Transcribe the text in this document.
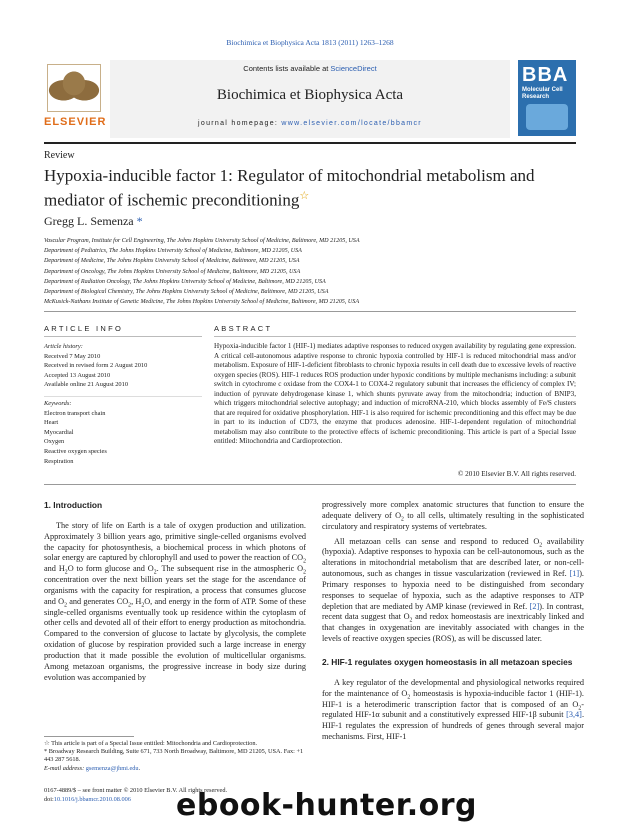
Biochimica et Biophysica Acta 1813 (2011) 1263–1268
ELSEVIER
Contents lists available at ScienceDirect
Biochimica et Biophysica Acta
journal homepage: www.elsevier.com/locate/bbamcr
BBA
Molecular Cell
Research
Review
Hypoxia-inducible factor 1: Regulator of mitochondrial metabolism and mediator of ischemic preconditioning☆
Gregg L. Semenza *
Vascular Program, Institute for Cell Engineering, The Johns Hopkins University School of Medicine, Baltimore, MD 21205, USA
Department of Pediatrics, The Johns Hopkins University School of Medicine, Baltimore, MD 21205, USA
Department of Medicine, The Johns Hopkins University School of Medicine, Baltimore, MD 21205, USA
Department of Oncology, The Johns Hopkins University School of Medicine, Baltimore, MD 21205, USA
Department of Radiation Oncology, The Johns Hopkins University School of Medicine, Baltimore, MD 21205, USA
Department of Biological Chemistry, The Johns Hopkins University School of Medicine, Baltimore, MD 21205, USA
McKusick-Nathans Institute of Genetic Medicine, The Johns Hopkins University School of Medicine, Baltimore, MD 21205, USA
ARTICLE INFO	ABSTRACT
Article history:
Received 7 May 2010
Received in revised form 2 August 2010
Accepted 13 August 2010
Available online 21 August 2010
Keywords:
Electron transport chain
Heart
Myocardial
Oxygen
Reactive oxygen species
Respiration
Hypoxia-inducible factor 1 (HIF-1) mediates adaptive responses to reduced oxygen availability by regulating gene expression. A critical cell-autonomous adaptive response to chronic hypoxia controlled by HIF-1 is reduced mitochondrial mass and/or metabolism. Exposure of HIF-1-deficient fibroblasts to chronic hypoxia results in cell death due to excessive levels of reactive oxygen species (ROS). HIF-1 reduces ROS production under hypoxic conditions by multiple mechanisms including: a subunit switch in cytochrome c oxidase from the COX4-1 to COX4-2 regulatory subunit that increases the efficiency of complex IV; induction of pyruvate dehydrogenase kinase 1, which shunts pyruvate away from the mitochondria; induction of BNIP3, which triggers mitochondrial selective autophagy; and induction of microRNA-210, which blocks assembly of Fe/S clusters that are required for oxidative phosphorylation. HIF-1 is also required for ischemic preconditioning and this effect may be due in part to its induction of CD73, the enzyme that produces adenosine. HIF-1-dependent regulation of mitochondrial metabolism may also contribute to the protective effects of ischemic preconditioning. This article is part of a Special Issue entitled: Mitochondria and Cardioprotection.
© 2010 Elsevier B.V. All rights reserved.
1. Introduction

The story of life on Earth is a tale of oxygen production and utilization. Approximately 3 billion years ago, primitive single-celled organisms evolved the capacity for photosynthesis, a biochemical process in which photons of solar energy are captured by chlorophyll and used to power the reaction of $CO_2$ and $H_2O$ to form glucose and $O_2$. The subsequent rise in the atmospheric $O_2$ concentration over the next billion years set the stage for the ascendance of organisms with the capacity for respiration, a process that consumes glucose and $O_2$ and generates $CO_2$, $H_2O$, and energy in the form of ATP. Some of these single-celled organisms eventually took up residence within the cytoplasm of other cells and devoted all of their effort to energy production as mitochondria. Compared to the conversion of glucose to lactate by glycolysis, the complete oxidation of glucose by respiration provided such a large increase in energy production that it made possible the evolution of multicellular organisms. Among metazoan organisms, the progressive increase in body size during evolution was accompanied by

progressively more complex anatomic structures that function to ensure the adequate delivery of $O_2$ to all cells, ultimately resulting in the sophisticated circulatory and respiratory systems of vertebrates.

All metazoan cells can sense and respond to reduced $O_2$ availability (hypoxia). Adaptive responses to hypoxia can be cell-autonomous, such as the alterations in mitochondrial metabolism that are described later, or non-cell-autonomous, such as changes in tissue vascularization (reviewed in Ref. [1]). Primary responses to hypoxia need to be distinguished from secondary responses to sequelae of hypoxia, such as the adaptive responses to ATP depletion that are mediated by AMP kinase (reviewed in Ref. [2]). In contrast, recent data suggest that $O_2$ and redox homeostasis are inextricably linked and that changes in oxygenation are inevitably associated with changes in the levels of reactive oxygen species (ROS), as will be discussed later.

2. HIF-1 regulates oxygen homeostasis in all metazoan species

A key regulator of the developmental and physiological networks required for the maintenance of $O_2$ homeostasis is hypoxia-inducible factor 1 (HIF-1). HIF-1 is a heterodimeric transcription factor that is composed of an $O_2$-regulated HIF-1α subunit and a constitutively expressed HIF-1β subunit [3,4]. HIF-1 regulates the expression of hundreds of genes through several major mechanisms. First, HIF-1

☆ This article is part of a Special Issue entitled: Mitochondria and Cardioprotection.
* Broadway Research Building, Suite 671, 733 North Broadway, Baltimore, MD 21205, USA. Fax: +1 443 287 5618.
E-mail address: gsemenza@jhmi.edu.
0167-4889/$ – see front matter © 2010 Elsevier B.V. All rights reserved.
doi:10.1016/j.bbamcr.2010.08.006	ebook-hunter.org
